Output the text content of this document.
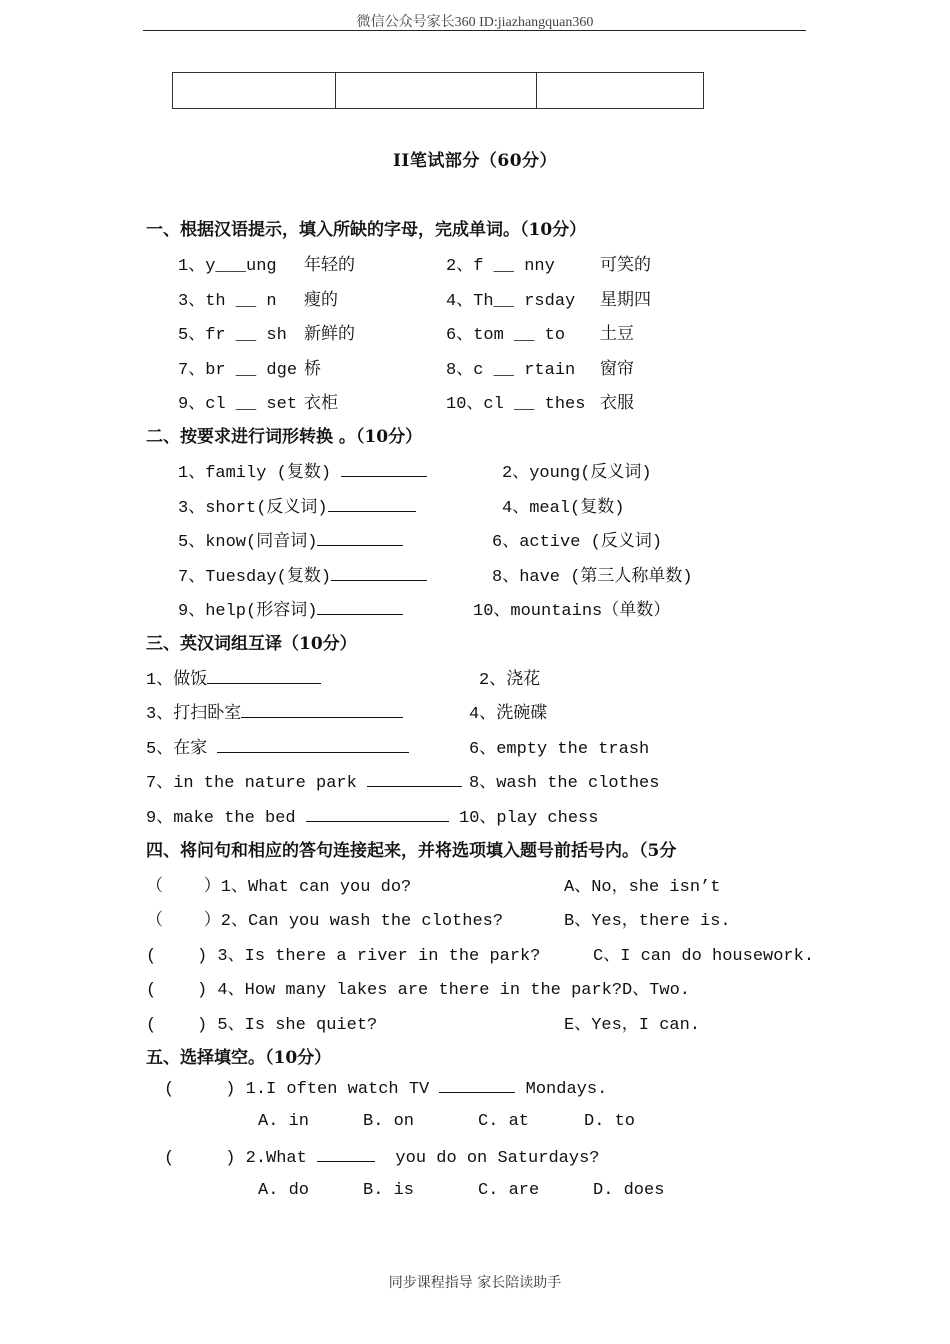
微信公众号家长360 ID:jiazhangquan360

II笔试部分（60分）
一、根据汉语提示，填入所缺的字母，完成单词。（10分）
1、y___ung 年轻的	2、f __ nny	可笑的
3、th __ n 瘦的	4、Th__ rsday 星期四
5、fr __ sh 新鲜的	6、tom __ to 土豆
7、br __ dge 桥	8、c __ rtain 窗帘
9、cl __ set 衣柜	10、cl __ thes 衣服
二、按要求进行词形转换 。（10分）
1、family (复数)	2、young(反义词)
3、short(反义词)	4、meal(复数)
5、know(同音词)	6、active (反义词)
7、Tuesday(复数)	8、have (第三人称单数)
9、help(形容词)	10、mountains（单数）
三、英汉词组互译（10分）
1、做饭	2、浇花
3、打扫卧室	4、洗碗碟
5、在家	6、empty the trash
7、in the nature park	8、wash the clothes
9、make the bed	10、play chess
四、将问句和相应的答句连接起来，并将选项填入题号前括号内。（5分
（    ）1、What can you do?	A、No，she isn’t
（    ）2、Can you wash the clothes?	B、Yes，there is.
(    ) 3、Is there a river in the park?	C、I can do housework.
(    ) 4、How many lakes are there in the park? D、Two.
(    ) 5、Is she quiet?	E、Yes，I can.
五、选择填空。（10分）
(     ) 1.I often watch TV	Mondays.
A. in	B. on	C. at	D. to
(     ) 2.What	you do on Saturdays?
A. do	B. is	C. are	D. does
同步课程指导 家长陪读助手
